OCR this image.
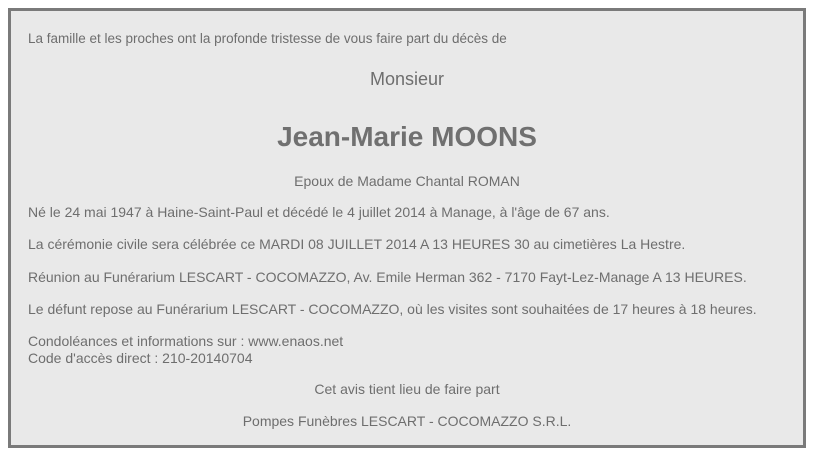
La famille et les proches ont la profonde tristesse de vous faire part du décès de
Monsieur
Jean-Marie MOONS
Epoux de Madame Chantal ROMAN
Né le 24 mai 1947 à Haine-Saint-Paul et décédé le 4 juillet 2014 à Manage, à l'âge de 67 ans.
La cérémonie civile sera célébrée ce MARDI 08 JUILLET 2014 A 13 HEURES 30 au cimetières La Hestre.
Réunion au Funérarium LESCART - COCOMAZZO, Av. Emile Herman 362 - 7170 Fayt-Lez-Manage A 13 HEURES.
Le défunt repose au Funérarium LESCART - COCOMAZZO, où les visites sont souhaitées de 17 heures à 18 heures.
Condoléances et informations sur : www.enaos.net
Code d'accès direct : 210-20140704
Cet avis tient lieu de faire part
Pompes Funèbres LESCART - COCOMAZZO S.R.L.
